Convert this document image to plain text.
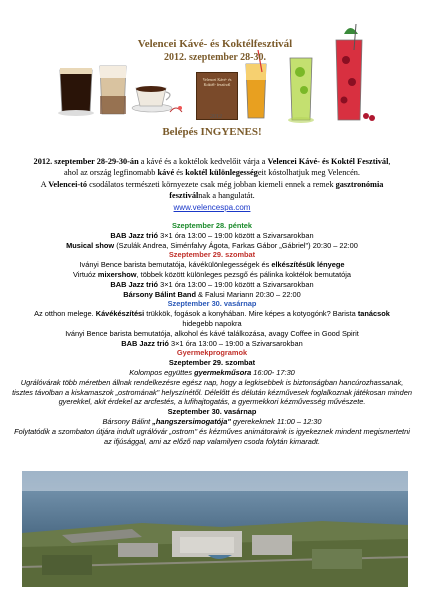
Velencei Kávé- és Koktélfesztivál
2012. szeptember 28-30.
Velencei Kávé- és Koktél- fesztivál
2012
Belépés INGYENES!
2012. szeptember 28-29-30-án a kávé és a koktélok kedvelőit várja a Velencei Kávé- és Koktél Fesztivál,
ahol az ország legfinomabb kávé és koktél különlegességeit kóstolhatjuk meg Velencén.
A Velencei-tó csodálatos természeti környezete csak még jobban kiemeli ennek a remek gasztronómia
fesztiválnak a hangulatát.
www.velencespa.com
Szeptember 28. péntek
BAB Jazz trió 3×1 óra 13:00 – 19:00 között a Szivarsarokban
Musical show (Szulák Andrea, Siménfalvy Ágota, Farkas Gábor „Gábriel") 20:30 – 22:00
Szeptember 29. szombat
Iványi Bence barista bemutatója, kávékülönlegességek és elkészítésük lényege
Virtuóz mixershow, többek között különleges pezsgő és pálinka koktélok bemutatója
BAB Jazz trió 3×1 óra 13:00 – 19:00 között a Szivarsarokban
Bársony Bálint Band & Falusi Mariann 20:30 – 22:00
Szeptember 30. vasárnap
Az otthon melege. Kávékészítési trükkök, fogások a konyhában. Mire képes a kotyogónk? Barista tanácsok
hidegebb napokra
Iványi Bence barista bemutatója, alkohol és kávé találkozása, avagy Coffee in Good Spirit
BAB Jazz trió 3×1 óra 13:00 – 19:00 a Szivarsarokban
Gyermekprogramok
Szeptember 29. szombat
Kolompos együttes gyermekműsora 16:00- 17:30
Ugrálóvárak több méretben állnak rendelkezésre egész nap, hogy a legkisebbek is biztonságban hancúrozhassanak, tisztes távolban a kiskamaszok „ostromának" helyszínétől. Délelőtt és délután kézművesek foglalkoznak játékosan minden gyerekkel, akit érdekel az arcfestés, a lufihajtogatás, a gyermekkori kézművesség művészete.
Szeptember 30. vasárnap
Bársony Bálint „hangszersimogatója" gyerekeknek 11:00 – 12:30
Folytatódik a szombaton útjára indult ugrálóvár „ostrom" és kézműves animátoraink is igyekeznek mindent megismertetni az ifjúsággal, ami az előző nap valamilyen csoda folytán kimaradt.
